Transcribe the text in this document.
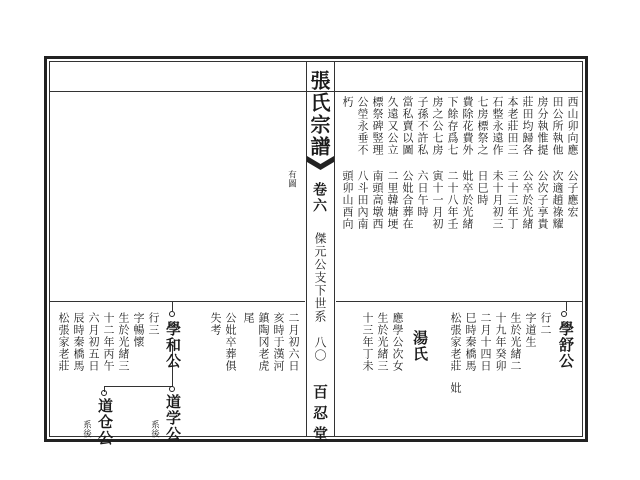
張氏宗譜
卷六
傑元公支下世系　八〇
百忍堂
西山卯向應
田公所執他
房分執惟提
莊田均歸各
本老莊田三
石整永遠作
七房標祭之
費除花費外
下餘存爲七
房之公七房
子孫不許私
當私賣以圖
久遠又公立
標祭碑竪理
公塋永垂不
朽
公子應宏
次適趙祿耀
公次子享貴
公卒於光緒
三十三年丁
未十月初三
日巳時
妣卒於光緒
二十八年壬
寅十一月初
六日午時
公妣合葬在
二里韓塘埂
南頭高墩西
八斗田內南
頭卯山酉向
學舒公
行二
字道生
生於光緒二
十九年癸卯
二月十四日
巳時秦橋馬
松張家老莊
妣
湯氏
應學公次女
生於光緒三
十三年丁未
有圖
二月初六日
亥時于漢河
鎮陶冈老虎
尾
公妣卒葬俱
失考
學和公
行三
字暢懷
生於光緒三
十二年丙午
六月初五日
辰時秦橋馬
松張家老莊
道学公
系後
道仓公
系後
